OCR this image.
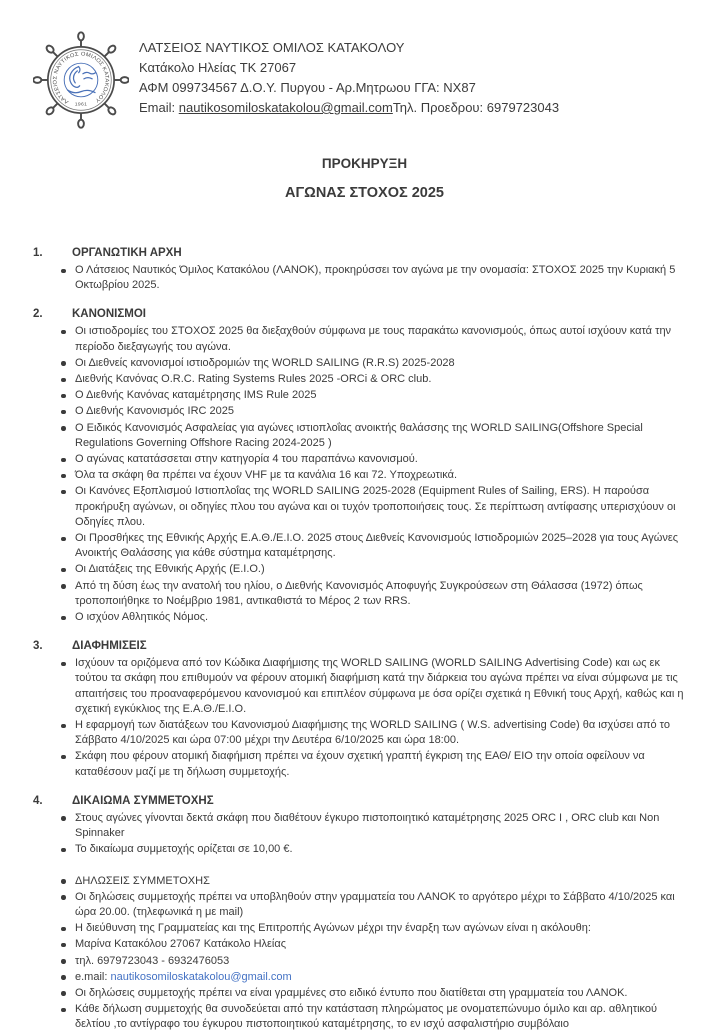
ΛΑΤΣΕΙΟΣ ΝΑΥΤΙΚΟΣ ΟΜΙΛΟΣ ΚΑΤΑΚΟΛΟΥ
1961
ΛΑΤΣΕΙΟΣ ΝΑΥΤΙΚΟΣ ΟΜΙΛΟΣ ΚΑΤΑΚΟΛΟΥ
Κατάκολο Ηλείας ΤΚ 27067
ΑΦΜ 099734567 Δ.Ο.Υ. Πυργου - Αρ.Μητρωου ΓΓΑ: ΝΧ87
Email: nautikosomiloskatakolou@gmail.comΤηλ. Προεδρου: 6979723043
ΠΡΟΚΗΡΥΞΗ
ΑΓΩΝΑΣ ΣΤΟΧΟΣ 2025
1.	ΟΡΓΑΝΩΤΙΚΗ ΑΡΧΗ
Ο Λάτσειος Ναυτικός Όμιλος Κατακόλου (ΛΑΝΟΚ), προκηρύσσει τον αγώνα με την ονομασία: ΣΤΟΧΟΣ 2025 την Κυριακή 5 Οκτωβρίου 2025.
2.	ΚΑΝΟΝΙΣΜΟΙ
Οι ιστιοδρομίες του ΣΤΟΧΟΣ 2025 θα διεξαχθούν σύμφωνα με τους παρακάτω κανονισμούς, όπως αυτοί ισχύουν κατά την περίοδο διεξαγωγής του αγώνα.
Οι Διεθνείς κανονισμοί ιστιοδρομιών της WORLD SAILING (R.R.S) 2025-2028
Διεθνής Κανόνας O.R.C. Rating Systems Rules 2025 -ORCi & ORC club.
Ο Διεθνής Κανόνας καταμέτρησης IMS Rule 2025
Ο Διεθνής Κανονισμός IRC 2025
Ο Ειδικός Κανονισμός Ασφαλείας για αγώνες ιστιοπλοΐας ανοικτής θαλάσσης της WORLD SAILING(Offshore Special Regulations Governing Offshore Racing 2024-2025 )
Ο αγώνας κατατάσσεται στην κατηγορία 4 του παραπάνω κανονισμού.
Όλα τα σκάφη θα πρέπει να έχουν VHF με τα κανάλια 16 και 72. Υποχρεωτικά.
Οι Κανόνες Εξοπλισμού Ιστιοπλοΐας της WORLD SAILING 2025-2028 (Equipment Rules of Sailing, ERS). Η παρούσα προκήρυξη αγώνων, οι οδηγίες πλου του αγώνα και οι τυχόν τροποποιήσεις τους. Σε περίπτωση αντίφασης υπερισχύουν οι Οδηγίες πλου.
Οι Προσθήκες της Εθνικής Αρχής Ε.Α.Θ./Ε.Ι.Ο. 2025 στους Διεθνείς Κανονισμούς Ιστιοδρομιών 2025–2028 για τους Αγώνες Ανοικτής Θαλάσσης για κάθε σύστημα καταμέτρησης.
Οι Διατάξεις της Εθνικής Αρχής (Ε.Ι.Ο.)
Από τη δύση έως την ανατολή του ηλίου, ο Διεθνής Κανονισμός Αποφυγής Συγκρούσεων στη Θάλασσα (1972) όπως τροποποιήθηκε το Νοέμβριο 1981, αντικαθιστά το Μέρος 2 των RRS.
Ο ισχύον Αθλητικός Νόμος.
3.	ΔΙΑΦΗΜΙΣΕΙΣ
Ισχύουν τα οριζόμενα από τον Κώδικα Διαφήμισης της WORLD SAILING (WORLD SAILING Advertising Code) και ως εκ τούτου τα σκάφη που επιθυμούν να φέρουν ατομική διαφήμιση κατά την διάρκεια του αγώνα πρέπει να είναι σύμφωνα με τις απαιτήσεις του προαναφερόμενου κανονισμού και επιπλέον σύμφωνα με όσα ορίζει σχετικά η Εθνική τους Αρχή, καθώς και η σχετική εγκύκλιος της Ε.Α.Θ./Ε.Ι.Ο.
Η εφαρμογή των διατάξεων του Κανονισμού Διαφήμισης της WORLD SAILING ( W.S. advertising Code) θα ισχύσει από το Σάββατο 4/10/2025 και ώρα 07:00 μέχρι την Δευτέρα 6/10/2025 και ώρα 18:00.
Σκάφη που φέρουν ατομική διαφήμιση πρέπει να έχουν σχετική γραπτή έγκριση της ΕΑΘ/ ΕΙΟ την οποία οφείλουν να καταθέσουν μαζί με τη δήλωση συμμετοχής.
4.	ΔΙΚΑΙΩΜΑ ΣΥΜΜΕΤΟΧΗΣ
Στους αγώνες γίνονται δεκτά σκάφη που διαθέτουν έγκυρο πιστοποιητικό καταμέτρησης 2025 ORC I , ORC club και Non Spinnaker
Το δικαίωμα συμμετοχής ορίζεται σε 10,00 €.
ΔΗΛΩΣΕΙΣ ΣΥΜΜΕΤΟΧΗΣ
Οι δηλώσεις συμμετοχής πρέπει να υποβληθούν στην γραμματεία του ΛΑΝΟΚ το αργότερο μέχρι το Σάββατο 4/10/2025 και ώρα 20.00. (τηλεφωνικά η με mail)
Η διεύθυνση της Γραμματείας και της Επιτροπής Αγώνων μέχρι την έναρξη των αγώνων είναι η ακόλουθη:
Μαρίνα Κατακόλου 27067 Κατάκολο Ηλείας
τηλ. 6979723043 - 6932476053
e.mail: nautikosomiloskatakolou@gmail.com
Οι δηλώσεις συμμετοχής πρέπει να είναι γραμμένες στο ειδικό έντυπο που διατίθεται στη γραμματεία του ΛΑΝΟΚ.
Κάθε δήλωση συμμετοχής θα συνοδεύεται από την κατάσταση πληρώματος με ονοματεπώνυμο όμιλο και αρ. αθλητικού δελτίου ,το αντίγραφο του έγκυρου πιστοποιητικού καταμέτρησης, το εν ισχύ ασφαλιστήριο συμβόλαιο
